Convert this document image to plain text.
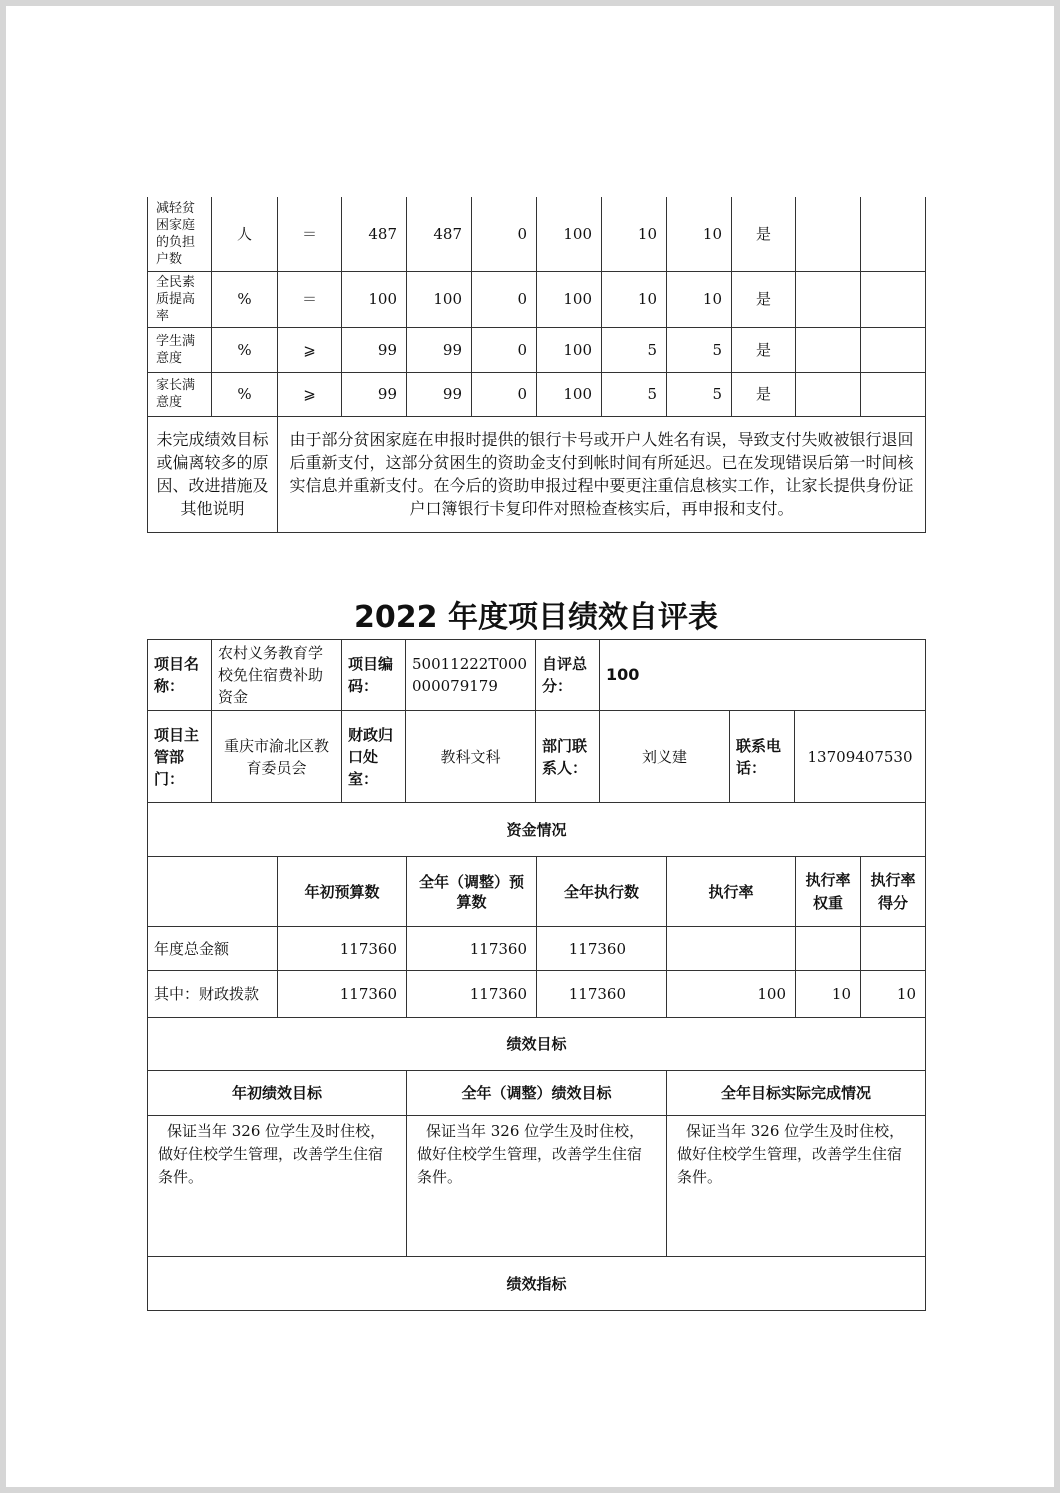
减轻贫困家庭的负担户数	人	＝	487	487	0	100	10	10	是		
全民素质提高率	%	＝	100	100	0	100	10	10	是		
学生满意度	%	⩾	99	99	0	100	5	5	是		
家长满意度	%	⩾	99	99	0	100	5	5	是		
未完成绩效目标或偏离较多的原因、改进措施及其他说明		由于部分贫困家庭在申报时提供的银行卡号或开户人姓名有误，导致支付失败被银行退回后重新支付，这部分贫困生的资助金支付到帐时间有所延迟。已在发现错误后第一时间核实信息并重新支付。在今后的资助申报过程中要更注重信息核实工作，让家长提供身份证户口簿银行卡复印件对照检查核实后，再申报和支付。									
2022 年度项目绩效自评表
项目名称：	农村义务教育学校免住宿费补助资金	项目编码：	50011222T000000079179	自评总分：	100		
项目主管部门：	重庆市渝北区教育委员会	财政归口处室：	教科文科	部门联系人：	刘义建	联系电话：	13709407530
资金情况							
	年初预算数	全年（调整）预算数	全年执行数	执行率	执行率权重	执行率得分
年度总金额	117360	117360	117360			
其中：财政拨款	117360	117360	117360	100	10	10
绩效目标						
年初绩效目标	全年（调整）绩效目标	全年目标实际完成情况
保证当年 326 位学生及时住校，做好住校学生管理，改善学生住宿条件。	保证当年 326 位学生及时住校，做好住校学生管理，改善学生住宿条件。	保证当年 326 位学生及时住校，做好住校学生管理，改善学生住宿条件。
绩效指标		
